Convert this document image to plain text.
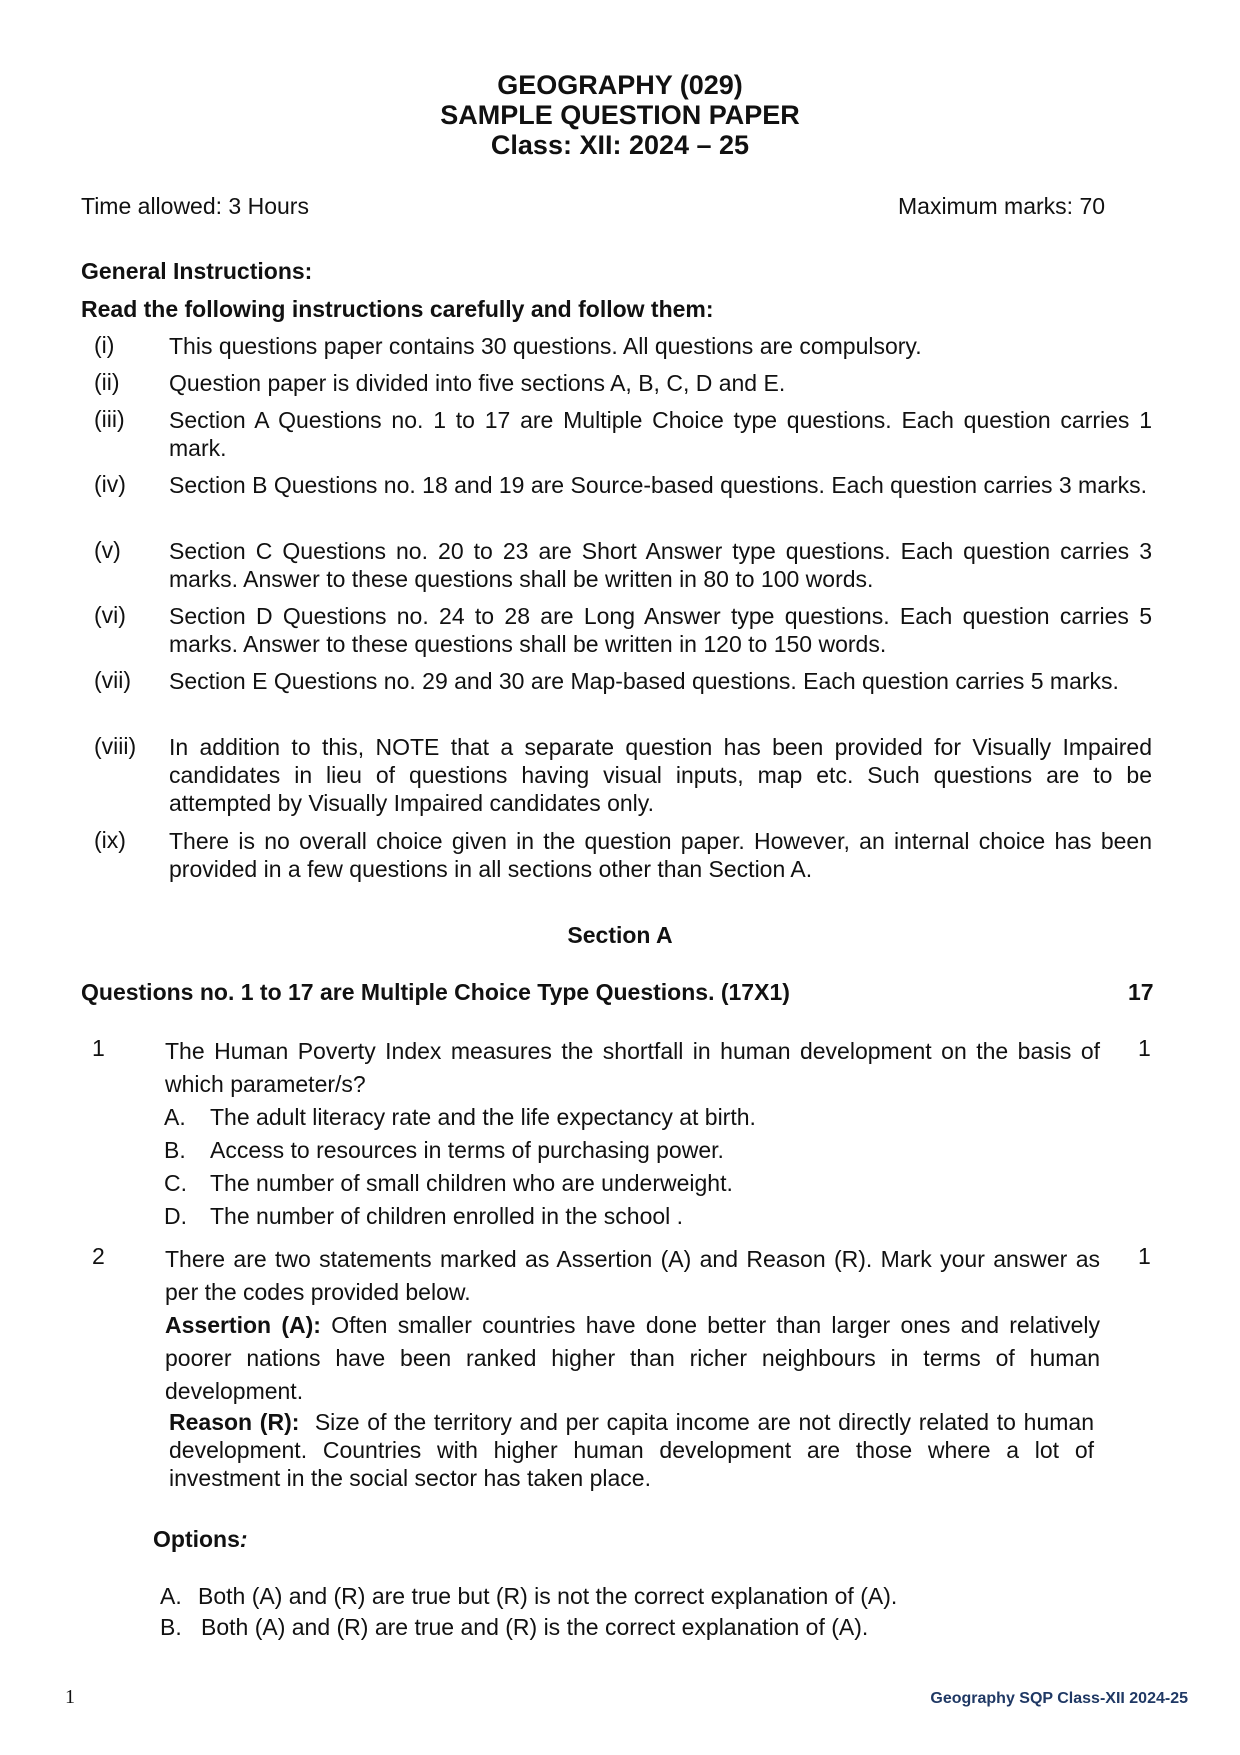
GEOGRAPHY (029)
SAMPLE QUESTION PAPER
Class: XII: 2024 – 25
Time allowed: 3 Hours	Maximum marks: 70
General Instructions:
Read the following instructions carefully and follow them:
(i) This questions paper contains 30 questions. All questions are compulsory.
(ii) Question paper is divided into five sections A, B, C, D and E.
(iii) Section A Questions no. 1 to 17 are Multiple Choice type questions. Each question carries 1 mark.
(iv) Section B Questions no. 18 and 19 are Source-based questions. Each question carries 3 marks.
(v) Section C Questions no. 20 to 23 are Short Answer type questions. Each question carries 3 marks. Answer to these questions shall be written in 80 to 100 words.
(vi) Section D Questions no. 24 to 28 are Long Answer type questions. Each question carries 5 marks. Answer to these questions shall be written in 120 to 150 words.
(vii) Section E Questions no. 29 and 30 are Map-based questions. Each question carries 5 marks.
(viii) In addition to this, NOTE that a separate question has been provided for Visually Impaired candidates in lieu of questions having visual inputs, map etc. Such questions are to be attempted by Visually Impaired candidates only.
(ix) There is no overall choice given in the question paper. However, an internal choice has been provided in a few questions in all sections other than Section A.
Section A
Questions no. 1 to 17 are Multiple Choice Type Questions. (17X1)	17
1	1
The Human Poverty Index measures the shortfall in human development on the basis of which parameter/s?
A. The adult literacy rate and the life expectancy at birth.
B. Access to resources in terms of purchasing power.
C. The number of small children who are underweight.
D. The number of children enrolled in the school .
2	1
There are two statements marked as Assertion (A) and Reason (R). Mark your answer as per the codes provided below.
Assertion (A): Often smaller countries have done better than larger ones and relatively poorer nations have been ranked higher than richer neighbours in terms of human development.
Reason (R): Size of the territory and per capita income are not directly related to human development. Countries with higher human development are those where a lot of investment in the social sector has taken place.
Options:
A. Both (A) and (R) are true but (R) is not the correct explanation of (A).
B. Both (A) and (R) are true and (R) is the correct explanation of (A).
1	Geography SQP Class-XII 2024-25
